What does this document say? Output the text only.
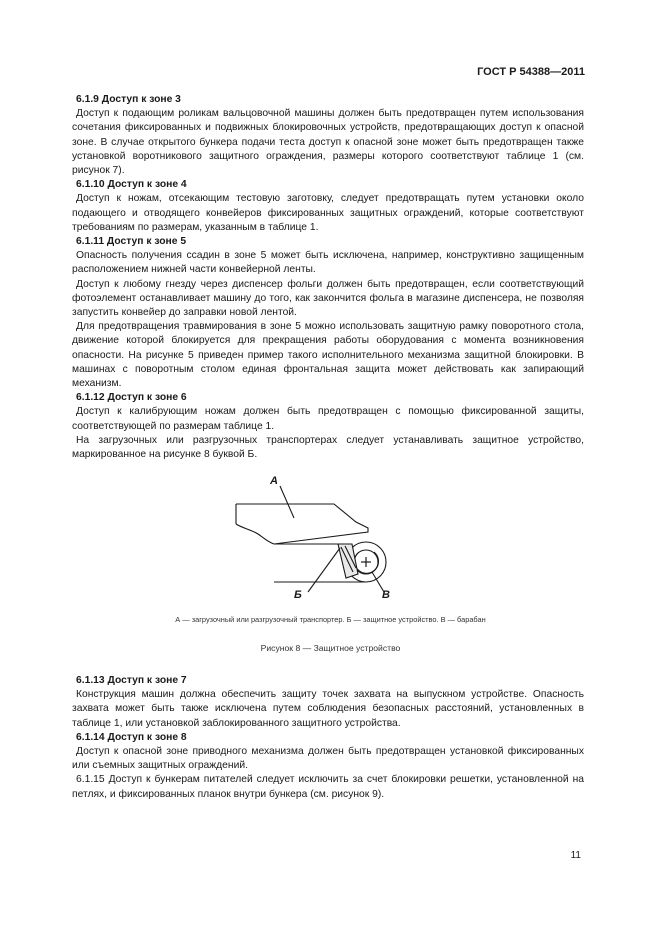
ГОСТ Р 54388—2011

6.1.9 Доступ к зоне 3

Доступ к подающим роликам вальцовочной машины должен быть предотвращен путем использования сочетания фиксированных и подвижных блокировочных устройств, предотвращающих доступ к опасной зоне. В случае открытого бункера подачи теста доступ к опасной зоне может быть предотвращен также установкой воротникового защитного ограждения, размеры которого соответствуют таблице 1 (см. рисунок 7).

6.1.10 Доступ к зоне 4

Доступ к ножам, отсекающим тестовую заготовку, следует предотвращать путем установки около подающего и отводящего конвейеров фиксированных защитных ограждений, которые соответствуют требованиям по размерам, указанным в таблице 1.

6.1.11 Доступ к зоне 5

Опасность получения ссадин в зоне 5 может быть исключена, например, конструктивно защищенным расположением нижней части конвейерной ленты.

Доступ к любому гнезду через диспенсер фольги должен быть предотвращен, если соответствующий фотоэлемент останавливает машину до того, как закончится фольга в магазине диспенсера, не позволяя запустить конвейер до заправки новой лентой.

Для предотвращения травмирования в зоне 5 можно использовать защитную рамку поворотного стола, движение которой блокируется для прекращения работы оборудования с момента возникновения опасности. На рисунке 5 приведен пример такого исполнительного механизма защитной блокировки. В машинах с поворотным столом единая фронтальная защита может действовать как запирающий механизм.

6.1.12 Доступ к зоне 6

Доступ к калибрующим ножам должен быть предотвращен с помощью фиксированной защиты, соответствующей по размерам таблице 1.

На загрузочных или разгрузочных транспортерах следует устанавливать защитное устройство, маркированное на рисунке 8 буквой Б.

А
Б	В
А — загрузочный или разгрузочный транспортер. Б — защитное устройство. В — барабан
Рисунок 8 — Защитное устройство

6.1.13 Доступ к зоне 7

Конструкция машин должна обеспечить защиту точек захвата на выпускном устройстве. Опасность захвата может быть также исключена путем соблюдения безопасных расстояний, установленных в таблице 1, или установкой заблокированного защитного устройства.

6.1.14 Доступ к зоне 8

Доступ к опасной зоне приводного механизма должен быть предотвращен установкой фиксированных или съемных защитных ограждений.

6.1.15 Доступ к бункерам питателей следует исключить за счет блокировки решетки, установленной на петлях, и фиксированных планок внутри бункера (см. рисунок 9).

11
